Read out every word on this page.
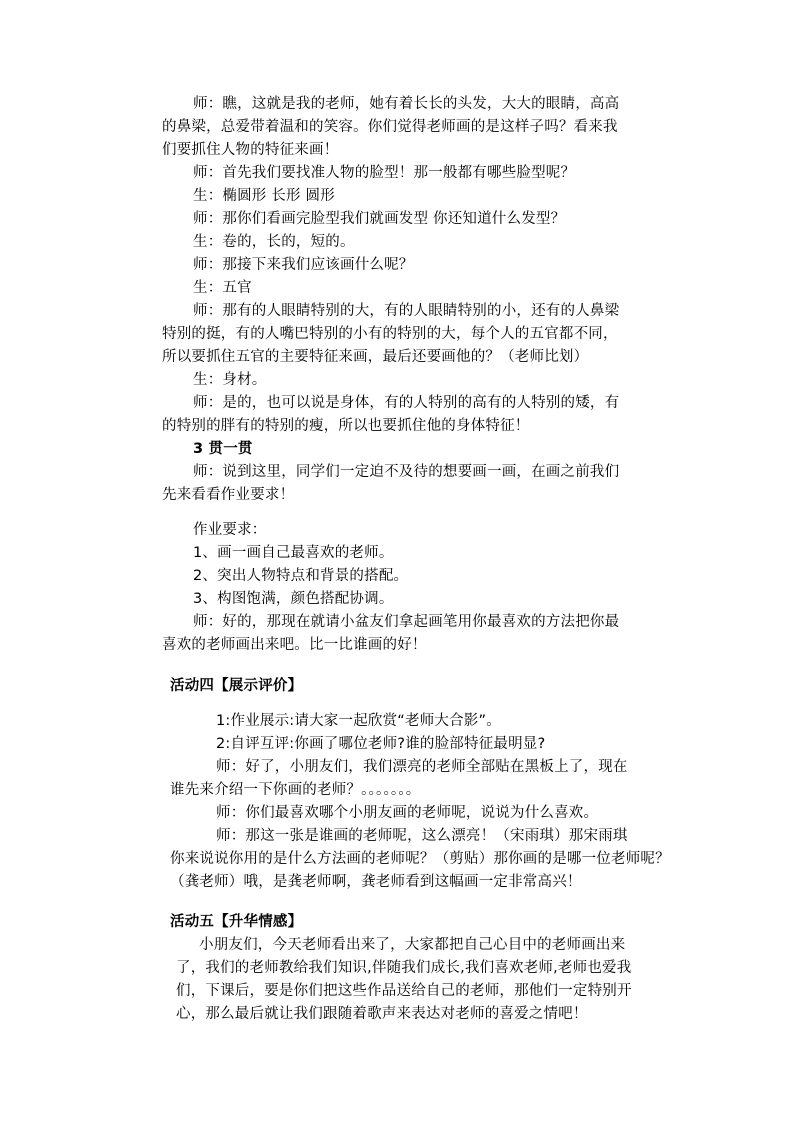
师：瞧，这就是我的老师，她有着长长的头发，大大的眼睛，高高
的鼻梁，总爱带着温和的笑容。你们觉得老师画的是这样子吗？看来我
们要抓住人物的特征来画！
师：首先我们要找准人物的脸型！那一般都有哪些脸型呢？
生：椭圆形 长形 圆形
师：那你们看画完脸型我们就画发型 你还知道什么发型？
生：卷的，长的，短的。
师：那接下来我们应该画什么呢？
生：五官
师：那有的人眼睛特别的大，有的人眼睛特别的小，还有的人鼻梁
特别的挺，有的人嘴巴特别的小有的特别的大，每个人的五官都不同，
所以要抓住五官的主要特征来画，最后还要画他的？（老师比划）
生：身材。
师：是的，也可以说是身体，有的人特别的高有的人特别的矮，有
的特别的胖有的特别的瘦，所以也要抓住他的身体特征！
3 贯一贯
师：说到这里，同学们一定迫不及待的想要画一画，在画之前我们
先来看看作业要求！
作业要求：
1、画一画自己最喜欢的老师。
2、突出人物特点和背景的搭配。
3、构图饱满，颜色搭配协调。
师：好的，那现在就请小盆友们拿起画笔用你最喜欢的方法把你最
喜欢的老师画出来吧。比一比谁画的好！
活动四【展示评价】
1:作业展示:请大家一起欣赏“老师大合影”。
2:自评互评:你画了哪位老师?谁的脸部特征最明显?
师：好了，小朋友们，我们漂亮的老师全部贴在黑板上了，现在
谁先来介绍一下你画的老师？。。。。。。。
师：你们最喜欢哪个小朋友画的老师呢，说说为什么喜欢。
师：那这一张是谁画的老师呢，这么漂亮！（宋雨琪）那宋雨琪
你来说说你用的是什么方法画的老师呢？（剪贴）那你画的是哪一位老师呢？
（龚老师）哦，是龚老师啊，龚老师看到这幅画一定非常高兴！
活动五【升华情感】
小朋友们，今天老师看出来了，大家都把自己心目中的老师画出来
了，我们的老师教给我们知识,伴随我们成长,我们喜欢老师,老师也爱我
们，下课后，要是你们把这些作品送给自己的老师，那他们一定特别开
心，那么最后就让我们跟随着歌声来表达对老师的喜爱之情吧！
